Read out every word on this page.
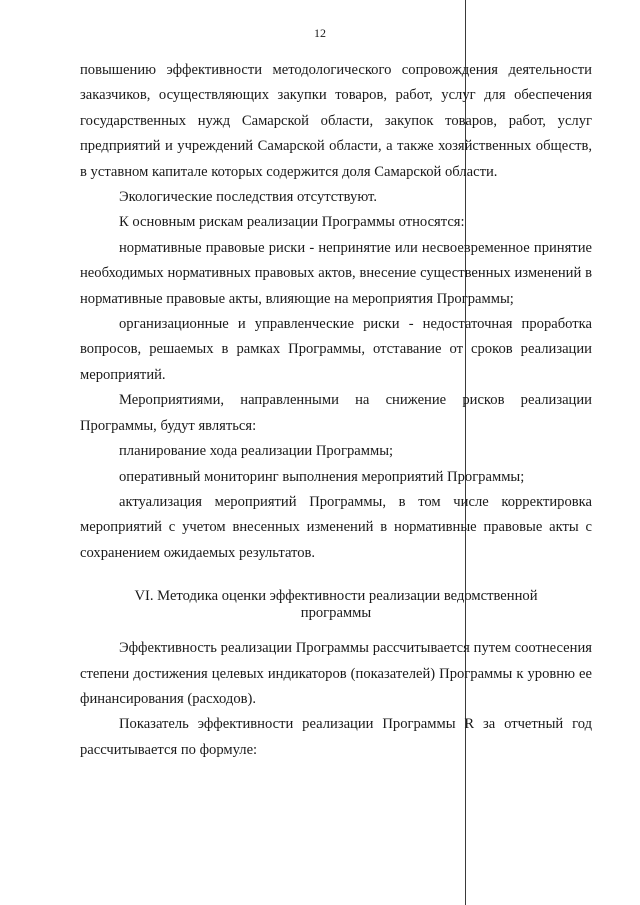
12

повышению эффективности методологического сопровождения деятельности заказчиков, осуществляющих закупки товаров, работ, услуг для обеспечения государственных нужд Самарской области, закупок товаров, работ, услуг предприятий и учреждений Самарской области, а также хозяйственных обществ, в уставном капитале которых содержится доля Самарской области.

Экологические последствия отсутствуют.

К основным рискам реализации Программы относятся:

нормативные правовые риски - непринятие или несвоевременное принятие необходимых нормативных правовых актов, внесение существенных изменений в нормативные правовые акты, влияющие на мероприятия Программы;

организационные и управленческие риски - недостаточная проработка вопросов, решаемых в рамках Программы, отставание от сроков реализации мероприятий.

Мероприятиями, направленными на снижение рисков реализации Программы, будут являться:

планирование хода реализации Программы;

оперативный мониторинг выполнения мероприятий Программы;

актуализация мероприятий Программы, в том числе корректировка мероприятий с учетом внесенных изменений в нормативные правовые акты с сохранением ожидаемых результатов.

VI. Методика оценки эффективности реализации ведомственной
программы

Эффективность реализации Программы рассчитывается путем соотнесения степени достижения целевых индикаторов (показателей) Программы к уровню ее финансирования (расходов).

Показатель эффективности реализации Программы R за отчетный год рассчитывается по формуле:
